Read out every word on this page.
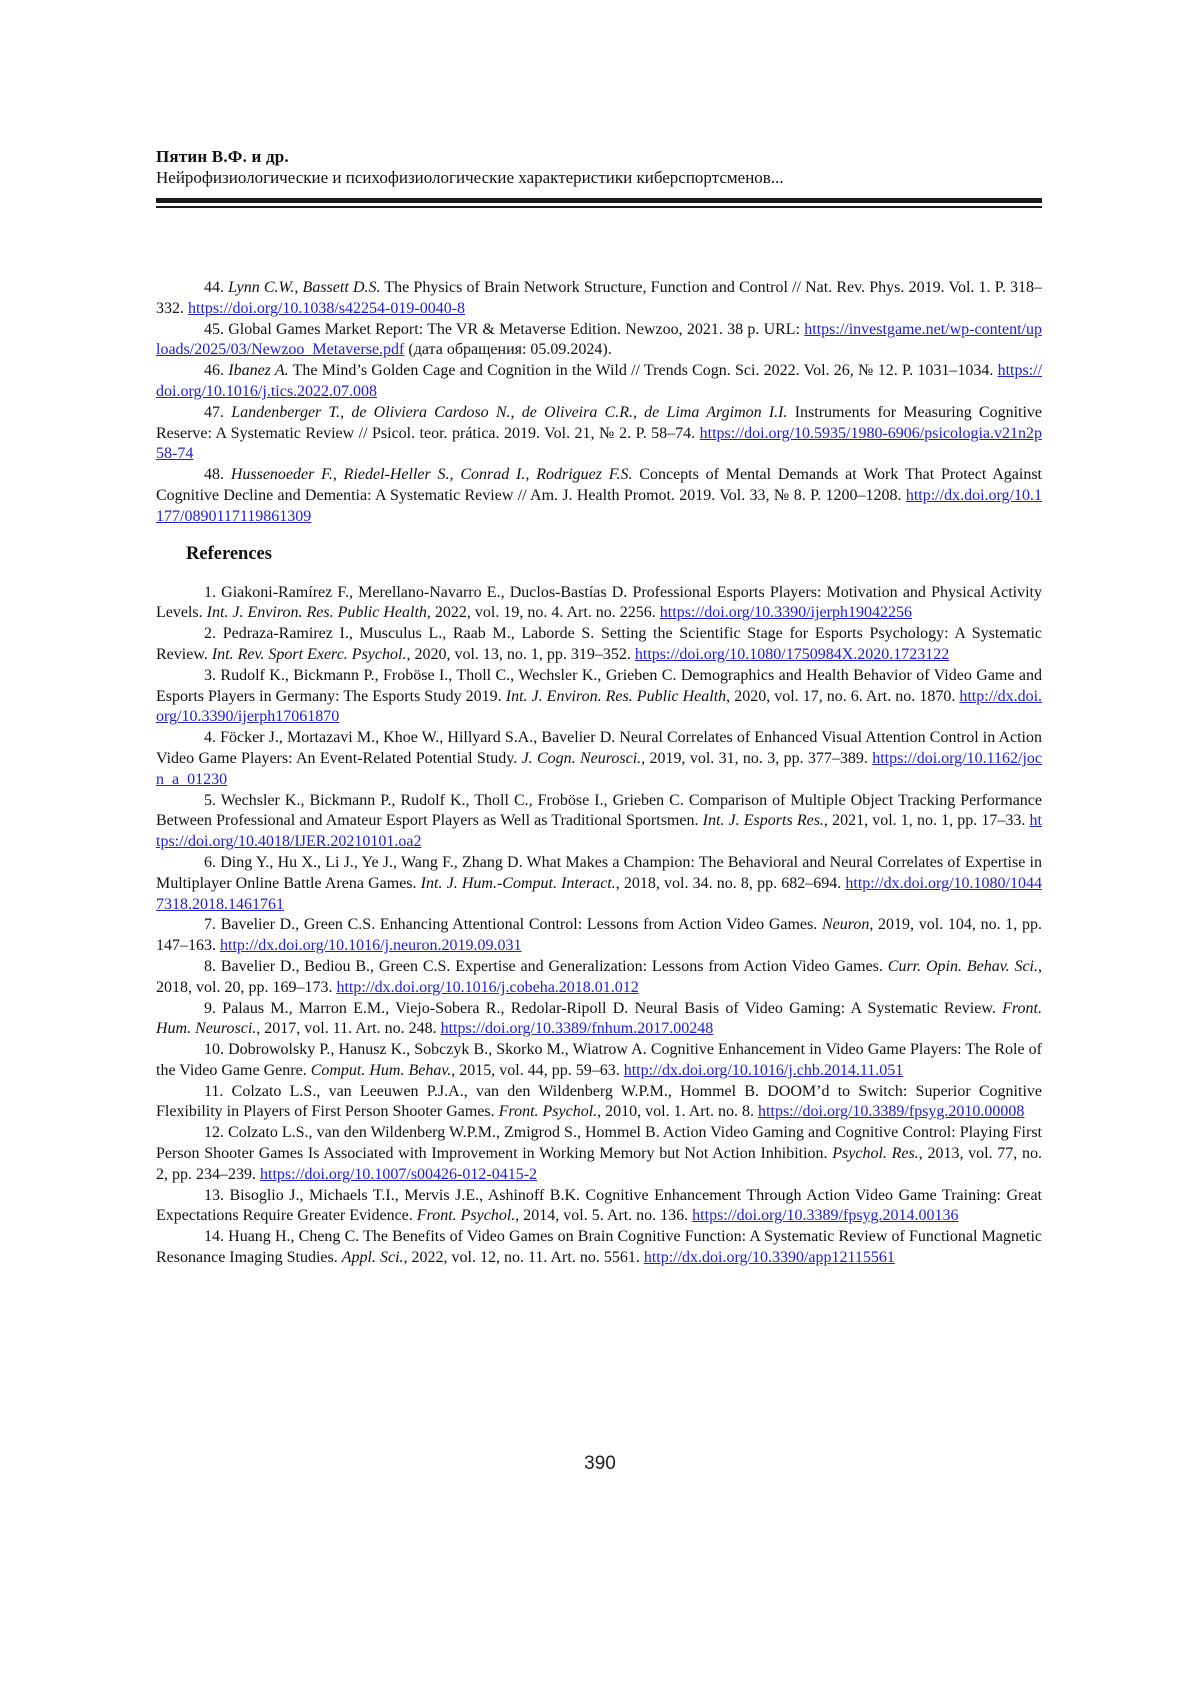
Пятин В.Ф. и др.
Нейрофизиологические и психофизиологические характеристики киберспортсменов...

44. Lynn C.W., Bassett D.S. The Physics of Brain Network Structure, Function and Control // Nat. Rev. Phys. 2019. Vol. 1. P. 318–332. https://doi.org/10.1038/s42254-019-0040-8

45. Global Games Market Report: The VR & Metaverse Edition. Newzoo, 2021. 38 p. URL: https://investgame.net/wp-content/uploads/2025/03/Newzoo_Metaverse.pdf (дата обращения: 05.09.2024).

46. Ibanez A. The Mind’s Golden Cage and Cognition in the Wild // Trends Cogn. Sci. 2022. Vol. 26, № 12. P. 1031–1034. https://doi.org/10.1016/j.tics.2022.07.008

47. Landenberger T., de Oliviera Cardoso N., de Oliveira C.R., de Lima Argimon I.I. Instruments for Measuring Cognitive Reserve: A Systematic Review // Psicol. teor. prática. 2019. Vol. 21, № 2. P. 58–74. https://doi.org/10.5935/1980-6906/psicologia.v21n2p58-74

48. Hussenoeder F., Riedel-Heller S., Conrad I., Rodriguez F.S. Concepts of Mental Demands at Work That Protect Against Cognitive Decline and Dementia: A Systematic Review // Am. J. Health Promot. 2019. Vol. 33, № 8. P. 1200–1208. http://dx.doi.org/10.1177/0890117119861309

References

1. Giakoni-Ramírez F., Merellano-Navarro E., Duclos-Bastías D. Professional Esports Players: Motivation and Physical Activity Levels. Int. J. Environ. Res. Public Health, 2022, vol. 19, no. 4. Art. no. 2256. https://doi.org/10.3390/ijerph19042256

2. Pedraza-Ramirez I., Musculus L., Raab M., Laborde S. Setting the Scientific Stage for Esports Psychology: A Systematic Review. Int. Rev. Sport Exerc. Psychol., 2020, vol. 13, no. 1, pp. 319–352. https://doi.org/10.1080/1750984X.2020.1723122

3. Rudolf K., Bickmann P., Froböse I., Tholl C., Wechsler K., Grieben C. Demographics and Health Behavior of Video Game and Esports Players in Germany: The Esports Study 2019. Int. J. Environ. Res. Public Health, 2020, vol. 17, no. 6. Art. no. 1870. http://dx.doi.org/10.3390/ijerph17061870

4. Föcker J., Mortazavi M., Khoe W., Hillyard S.A., Bavelier D. Neural Correlates of Enhanced Visual Attention Control in Action Video Game Players: An Event-Related Potential Study. J. Cogn. Neurosci., 2019, vol. 31, no. 3, pp. 377–389. https://doi.org/10.1162/jocn_a_01230

5. Wechsler K., Bickmann P., Rudolf K., Tholl C., Froböse I., Grieben C. Comparison of Multiple Object Tracking Performance Between Professional and Amateur Esport Players as Well as Traditional Sportsmen. Int. J. Esports Res., 2021, vol. 1, no. 1, pp. 17–33. https://doi.org/10.4018/IJER.20210101.oa2

6. Ding Y., Hu X., Li J., Ye J., Wang F., Zhang D. What Makes a Champion: The Behavioral and Neural Correlates of Expertise in Multiplayer Online Battle Arena Games. Int. J. Hum.-Comput. Interact., 2018, vol. 34. no. 8, pp. 682–694. http://dx.doi.org/10.1080/10447318.2018.1461761

7. Bavelier D., Green C.S. Enhancing Attentional Control: Lessons from Action Video Games. Neuron, 2019, vol. 104, no. 1, pp. 147–163. http://dx.doi.org/10.1016/j.neuron.2019.09.031

8. Bavelier D., Bediou B., Green C.S. Expertise and Generalization: Lessons from Action Video Games. Curr. Opin. Behav. Sci., 2018, vol. 20, pp. 169–173. http://dx.doi.org/10.1016/j.cobeha.2018.01.012

9. Palaus M., Marron E.M., Viejo-Sobera R., Redolar-Ripoll D. Neural Basis of Video Gaming: A Systematic Review. Front. Hum. Neurosci., 2017, vol. 11. Art. no. 248. https://doi.org/10.3389/fnhum.2017.00248

10. Dobrowolsky P., Hanusz K., Sobczyk B., Skorko M., Wiatrow A. Cognitive Enhancement in Video Game Players: The Role of the Video Game Genre. Comput. Hum. Behav., 2015, vol. 44, pp. 59–63. http://dx.doi.org/10.1016/j.chb.2014.11.051

11. Colzato L.S., van Leeuwen P.J.A., van den Wildenberg W.P.M., Hommel B. DOOM’d to Switch: Superior Cognitive Flexibility in Players of First Person Shooter Games. Front. Psychol., 2010, vol. 1. Art. no. 8. https://doi.org/10.3389/fpsyg.2010.00008

12. Colzato L.S., van den Wildenberg W.P.M., Zmigrod S., Hommel B. Action Video Gaming and Cognitive Control: Playing First Person Shooter Games Is Associated with Improvement in Working Memory but Not Action Inhibition. Psychol. Res., 2013, vol. 77, no. 2, pp. 234–239. https://doi.org/10.1007/s00426-012-0415-2

13. Bisoglio J., Michaels T.I., Mervis J.E., Ashinoff B.K. Cognitive Enhancement Through Action Video Game Training: Great Expectations Require Greater Evidence. Front. Psychol., 2014, vol. 5. Art. no. 136. https://doi.org/10.3389/fpsyg.2014.00136

14. Huang H., Cheng C. The Benefits of Video Games on Brain Cognitive Function: A Systematic Review of Functional Magnetic Resonance Imaging Studies. Appl. Sci., 2022, vol. 12, no. 11. Art. no. 5561. http://dx.doi.org/10.3390/app12115561

390
